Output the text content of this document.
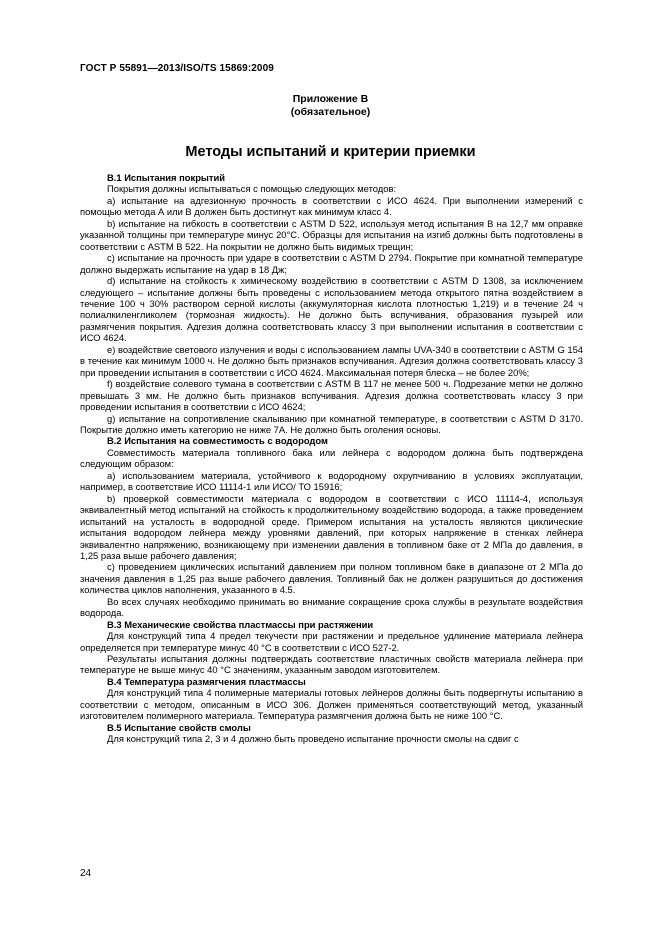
ГОСТ Р 55891—2013/ISO/TS 15869:2009
Приложение В
(обязательное)
Методы испытаний и критерии приемки
В.1 Испытания покрытий

Покрытия должны испытываться с помощью следующих методов:

а) испытание на адгезионную прочность в соответствии с ИСО 4624. При выполнении измерений с помощью метода А или В должен быть достигнут как минимум класс 4.

b) испытание на гибкость в соответствии с ASTM D 522, используя метод испытания В на 12,7 мм оправке указанной толщины при температуре минус 20°С. Образцы для испытания на изгиб должны быть подготовлены в соответствии с ASTM В 522. На покрытии не должно быть видимых трещин;

c) испытание на прочность при ударе в соответствии с ASTM D 2794. Покрытие при комнатной температуре должно выдержать испытание на удар в 18 Дж;

d) испытание на стойкость к химическому воздействию в соответствии с ASTM D 1308, за исключением следующего – испытание должны быть проведены с использованием метода открытого пятна воздействием в течение 100 ч 30% раствором серной кислоты (аккумуляторная кислота плотностью 1,219) и в течение 24 ч полиалкиленгликолем (тормозная жидкость). Не должно быть вспучивания, образования пузырей или размягчения покрытия. Адгезия должна соответствовать классу 3 при выполнении испытания в соответствии с ИСО 4624.

e) воздействие светового излучения и воды с использованием лампы UVA-340 в соответствии с ASTM G 154 в течение как минимум 1000 ч. Не должно быть признаков вспучивания. Адгезия должна соответствовать классу 3 при проведении испытания в соответствии с ИСО 4624. Максимальная потеря блеска – не более 20%;

f) воздействие солевого тумана в соответствии с ASTM В 117 не менее 500 ч. Подрезание метки не должно превышать 3 мм. Не должно быть признаков вспучивания. Адгезия должна соответствовать классу 3 при проведении испытания в соответствии с ИСО 4624;

g) испытание на сопротивление скалыванию при комнатной температуре, в соответствии с ASTM D 3170. Покрытие должно иметь категорию не ниже 7А. Не должно быть оголения основы.

В.2 Испытания на совместимость с водородом

Совместимость материала топливного бака или лейнера с водородом должна быть подтверждена следующим образом:

а) использованием материала, устойчивого к водородному охрупчиванию в условиях эксплуатации, например, в соответствие ИСО 11114-1 или ИСО/ ТО 15916;

b) проверкой совместимости материала с водородом в соответствии с ИСО 11114-4, используя эквивалентный метод испытаний на стойкость к продолжительному воздействию водорода, а также проведением испытаний на усталость в водородной среде. Примером испытания на усталость являются циклические испытания водородом лейнера между уровнями давлений, при которых напряжение в стенках лейнера эквивалентно напряжению, возникающему при изменении давления в топливном баке от 2 МПа до давления, в 1,25 раза выше рабочего давления;

с) проведением циклических испытаний давлением при полном топливном баке в диапазоне от 2 МПа до значения давления в 1,25 раз выше рабочего давления. Топливный бак не должен разрушиться до достижения количества циклов наполнения, указанного в 4.5.

Во всех случаях необходимо принимать во внимание сокращение срока службы в результате воздействия водорода.

В.3 Механические свойства пластмассы при растяжении

Для конструкций типа 4 предел текучести при растяжении и предельное удлинение материала лейнера определяется при температуре минус 40 °С в соответствии с ИСО 527-2.

Результаты испытания должны подтверждать соответствие пластичных свойств материала лейнера при температуре не выше минус 40 °С значениям, указанным заводом изготовителем.

В.4 Температура размягчения пластмассы

Для конструкций типа 4 полимерные материалы готовых лейнеров должны быть подвергнуты испытанию в соответствии с методом, описанным в ИСО 306. Должен применяться соответствующий метод, указанный изготовителем полимерного материала. Температура размягчения должна быть не ниже 100 °С.

В.5 Испытание свойств смолы

Для конструкций типа 2, 3 и 4 должно быть проведено испытание прочности смолы на сдвиг с

24
